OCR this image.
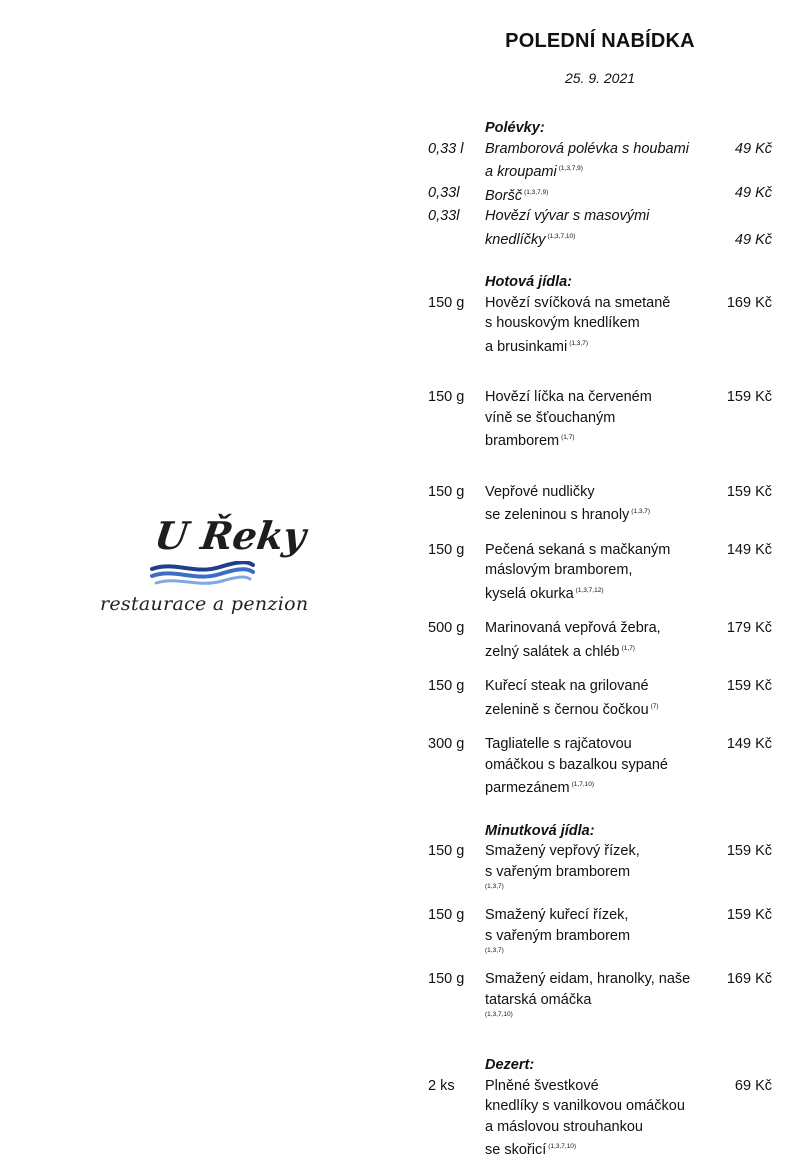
POLEDNÍ NABÍDKA
25. 9. 2021
U Řeky
restaurace a penzion
Polévky:
0,33 l	Bramborová polévka s houbami
a kroupami $^{(1,3,7,9)}$
49 Kč
0,33l	Boršč $^{(1,3,7,9)}$	49 Kč
0,33l	Hovězí vývar s masovými
knedlíčky $^{(1,3,7,10)}$	49 Kč
Hotová jídla:
150 g	Hovězí svíčková na smetaně
s houskovým knedlíkem
a brusinkami $^{(1,3,7)}$
169 Kč
150 g	Hovězí líčka na červeném
víně se šťouchaným
bramborem $^{(1,7)}$
159 Kč
150 g	Vepřové nudličky
se zeleninou s hranoly $^{(1,3,7)}$
159 Kč
150 g	Pečená sekaná s mačkaným
máslovým bramborem,
kyselá okurka $^{(1,3,7,12)}$
149 Kč
500 g	Marinovaná vepřová žebra,
zelný salátek a chléb $^{(1,7)}$
179 Kč
150 g	Kuřecí steak na grilované
zelenině s černou čočkou $^{(7)}$
159 Kč
300 g	Tagliatelle s rajčatovou
omáčkou s bazalkou sypané
parmezánem $^{(1,7,10)}$
149 Kč
Minutková jídla:
150 g	Smažený vepřový řízek,
s vařeným bramborem
(1,3,7)
159 Kč
150 g	Smažený kuřecí řízek,
s vařeným bramborem
(1,3,7)
159 Kč
150 g	Smažený eidam, hranolky, naše
tatarská omáčka
(1,3,7,10)
169 Kč
Dezert:
2 ks	Plněné švestkové
knedlíky s vanilkovou omáčkou
a máslovou strouhankou
se skořicí $^{(1,3,7,10)}$
69 Kč
